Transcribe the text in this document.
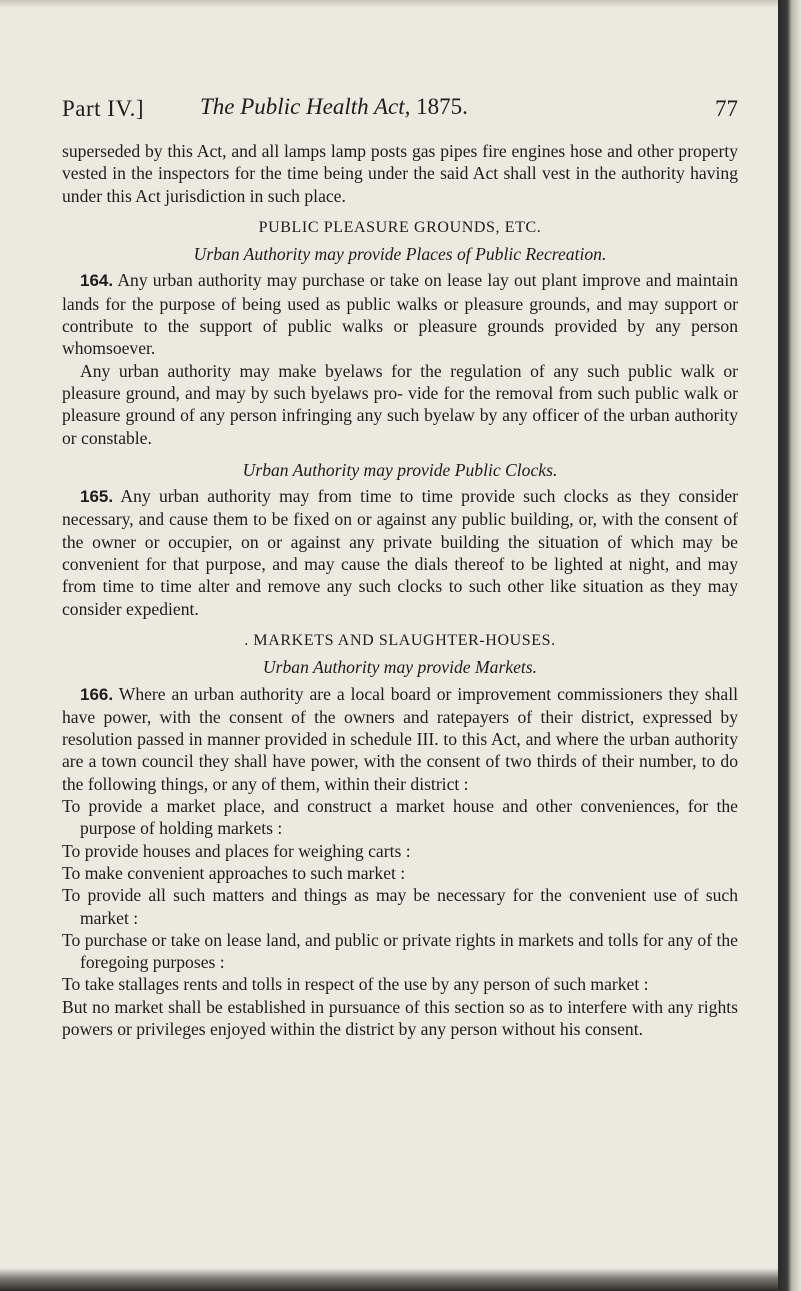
Part IV.] The Public Health Act, 1875.	77

superseded by this Act, and all lamps lamp posts gas pipes fire engines hose and other property vested in the inspectors for the time being under the said Act shall vest in the authority having under this Act jurisdiction in such place.

PUBLIC PLEASURE GROUNDS, ETC.
Urban Authority may provide Places of Public Recreation.

164. Any urban authority may purchase or take on lease lay out plant improve and maintain lands for the purpose of being used as public walks or pleasure grounds, and may support or contribute to the support of public walks or pleasure grounds provided by any person whomsoever.

Any urban authority may make byelaws for the regulation of any such public walk or pleasure ground, and may by such byelaws pro- vide for the removal from such public walk or pleasure ground of any person infringing any such byelaw by any officer of the urban authority or constable.

Urban Authority may provide Public Clocks.

165. Any urban authority may from time to time provide such clocks as they consider necessary, and cause them to be fixed on or against any public building, or, with the consent of the owner or occupier, on or against any private building the situation of which may be convenient for that purpose, and may cause the dials thereof to be lighted at night, and may from time to time alter and remove any such clocks to such other like situation as they may consider expedient.

. MARKETS AND SLAUGHTER-HOUSES.
Urban Authority may provide Markets.

166. Where an urban authority are a local board or improvement commissioners they shall have power, with the consent of the owners and ratepayers of their district, expressed by resolution passed in manner provided in schedule III. to this Act, and where the urban authority are a town council they shall have power, with the consent of two thirds of their number, to do the following things, or any of them, within their district :

To provide a market place, and construct a market house and other conveniences, for the purpose of holding markets :

To provide houses and places for weighing carts :

To make convenient approaches to such market :

To provide all such matters and things as may be necessary for the convenient use of such market :

To purchase or take on lease land, and public or private rights in markets and tolls for any of the foregoing purposes :

To take stallages rents and tolls in respect of the use by any person of such market :

But no market shall be established in pursuance of this section so as to interfere with any rights powers or privileges enjoyed within the district by any person without his consent.
